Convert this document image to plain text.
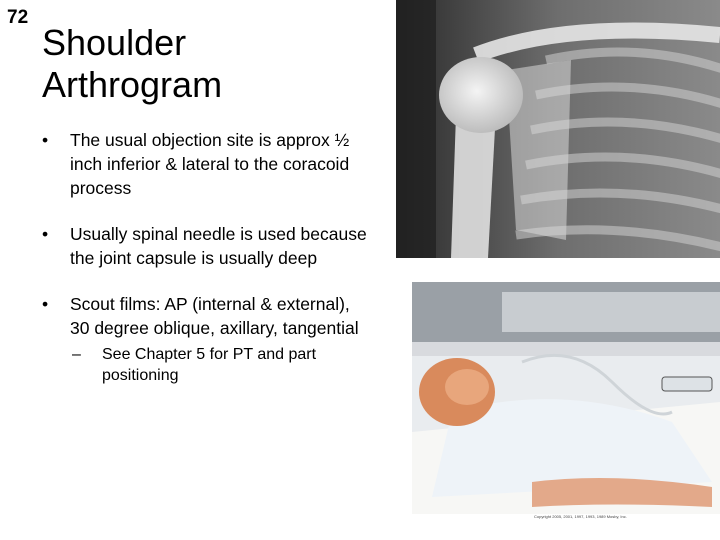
72
Shoulder
Arthrogram
• The usual objection site is approx ½ inch inferior & lateral to the coracoid process
• Usually spinal needle is used because the joint capsule is usually deep
• Scout films: AP (internal & external), 30 degree oblique, axillary, tangential
– See Chapter 5 for PT and part positioning
Copyright 2005, 2001, 1997, 1993, 1989 Mosby, Inc.
